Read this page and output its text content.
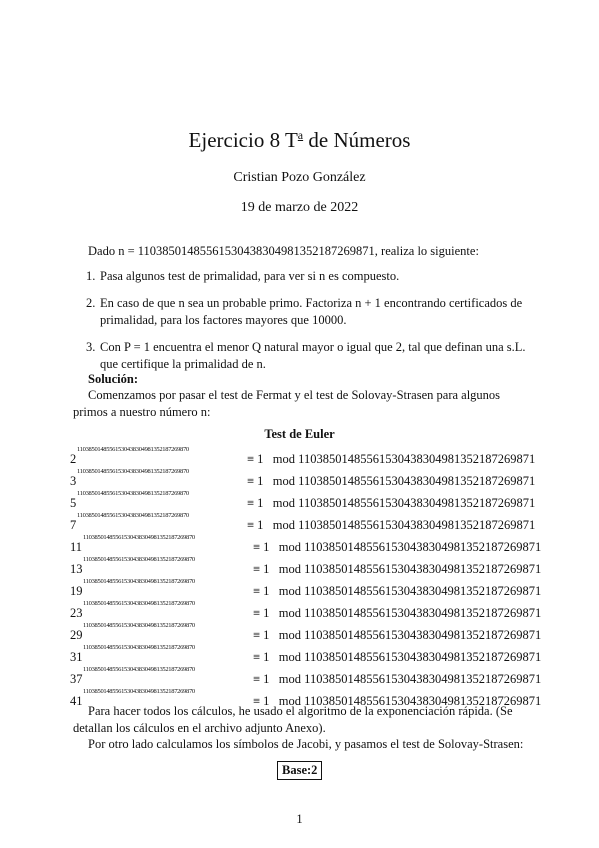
Ejercicio 8 $T^a$ de Números
Cristian Pozo González
19 de marzo de 2022
Dado n = 110385014855615304383049813521872698​71, realiza lo siguiente:
1. Pasa algunos test de primalidad, para ver si n es compuesto.
2. En caso de que n sea un probable primo. Factoriza n + 1 encontrando certificados de primalidad, para los factores mayores que 10000.
3. Con P = 1 encuentra el menor Q natural mayor o igual que 2, tal que definan una s.L. que certifique la primalidad de n.
Solución:
Comenzamos por pasar el test de Fermat y el test de Solovay-Strasen para algunos primos a nuestro número n:
Test de Euler
2
110385014855615304383049813521872698​70
≡ 1   mod 110385014855615304383049813521872698​71
3
110385014855615304383049813521872698​70
≡ 1   mod 110385014855615304383049813521872698​71
5
110385014855615304383049813521872698​70
≡ 1   mod 110385014855615304383049813521872698​71
7
110385014855615304383049813521872698​70
≡ 1   mod 110385014855615304383049813521872698​71
11
110385014855615304383049813521872698​70
≡ 1   mod 110385014855615304383049813521872698​71
13
110385014855615304383049813521872698​70
≡ 1   mod 110385014855615304383049813521872698​71
19
110385014855615304383049813521872698​70
≡ 1   mod 110385014855615304383049813521872698​71
23
110385014855615304383049813521872698​70
≡ 1   mod 110385014855615304383049813521872698​71
29
110385014855615304383049813521872698​70
≡ 1   mod 110385014855615304383049813521872698​71
31
110385014855615304383049813521872698​70
≡ 1   mod 110385014855615304383049813521872698​71
37
110385014855615304383049813521872698​70
≡ 1   mod 110385014855615304383049813521872698​71
41
110385014855615304383049813521872698​70
≡ 1   mod 110385014855615304383049813521872698​71
Para hacer todos los cálculos, he usado el algoritmo de la exponenciación rápida. (Se detallan los cálculos en el archivo adjunto Anexo).
Por otro lado calculamos los símbolos de Jacobi, y pasamos el test de Solovay-Strasen:
Base:2
1
